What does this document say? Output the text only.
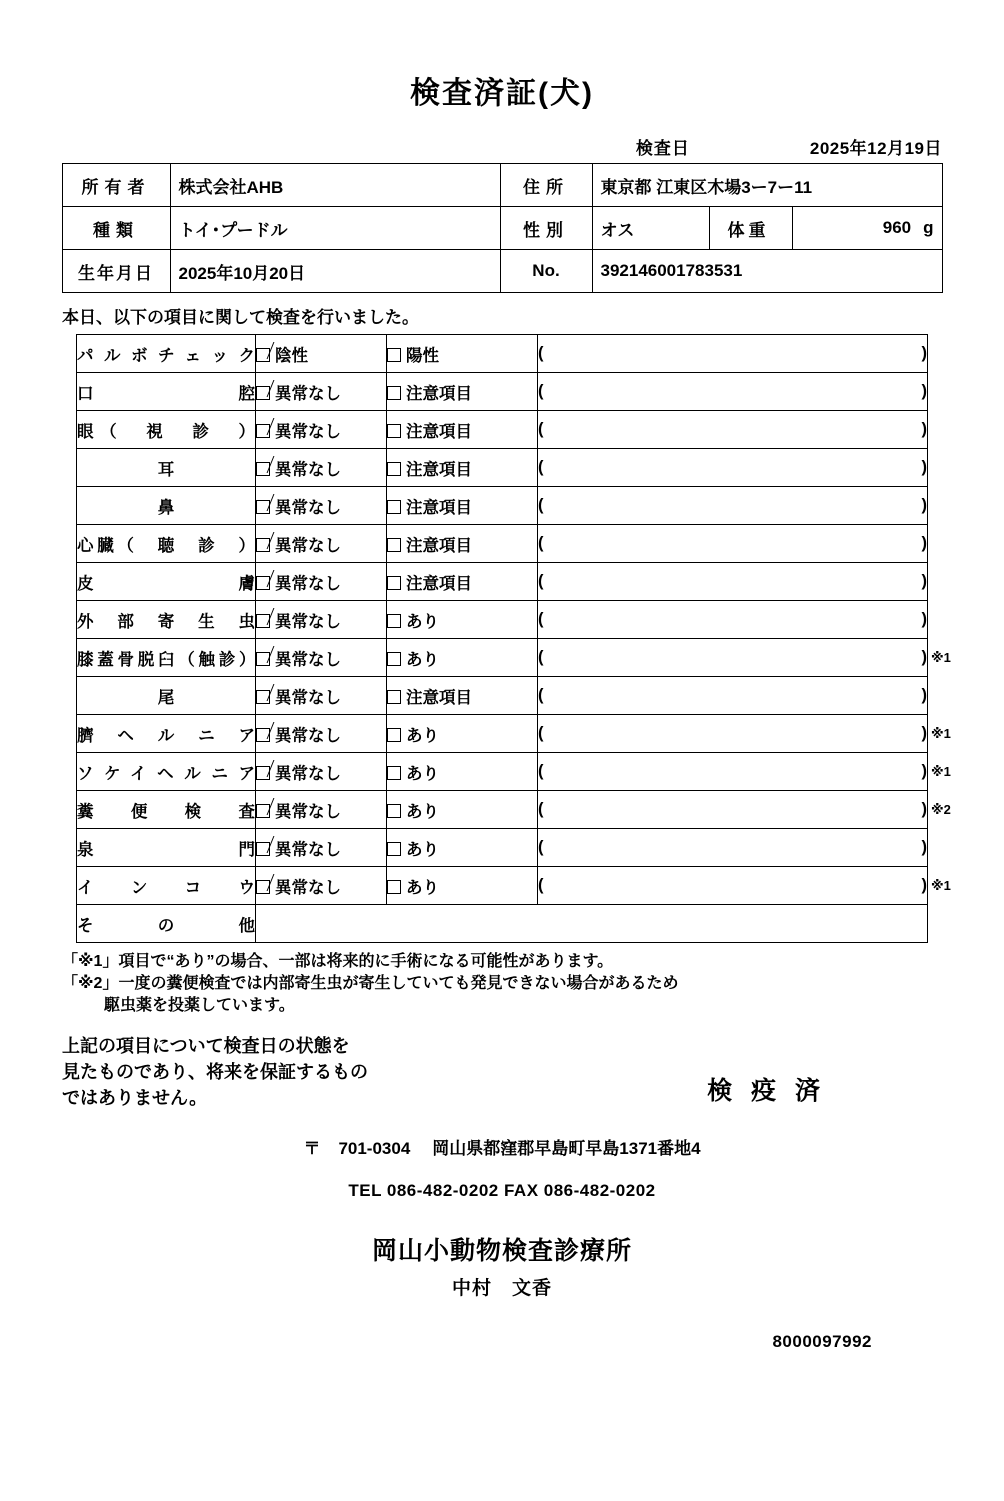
検査済証(犬)
検査日	2025年12月19日
所有者	株式会社AHB	住所	東京都 江東区木場3ー7ー11
種類	トイ･プードル	性別	オス	体重	960 g

生年月日	2025年10月20日	No.	392146001783531
本日、以下の項目に関して検査を行いました。
パルボチェック	陰性	陽性	( )

口　　　　腔	異常なし	注意項目	( )

眼（　視　診　）	異常なし	注意項目	( )

耳	異常なし	注意項目	( )

鼻	異常なし	注意項目	( )

心臓（　聴　診　）	異常なし	注意項目	( )

皮　　　　膚	異常なし	注意項目	( )

外　部　寄　生　虫	異常なし	あり	( )

膝蓋骨脱臼（触診）	異常なし	あり	( ) ※1

尾	異常なし	注意項目	( )

臍　ヘ　ル　ニ　ア	異常なし	あり	( ) ※1

ソケイヘルニア	異常なし	あり	( ) ※1

糞　便　検　査	異常なし	あり	( ) ※2

泉　　　　門	異常なし	あり	( )

イ　ン　コ　ウ	異常なし	あり	( ) ※1

そ　　の　　他			
「※1」項目で“あり”の場合、一部は将来的に手術になる可能性があります。
「※2」一度の糞便検査では内部寄生虫が寄生していても発見できない場合があるため
駆虫薬を投薬しています。
上記の項目について検査日の状態を
見たものであり、将来を保証するもの
ではありません。	検 疫 済
〒 701-0304 岡山県都窪郡早島町早島1371番地4
TEL 086-482-0202 FAX 086-482-0202
岡山小動物検査診療所
中村　文香
8000097992
